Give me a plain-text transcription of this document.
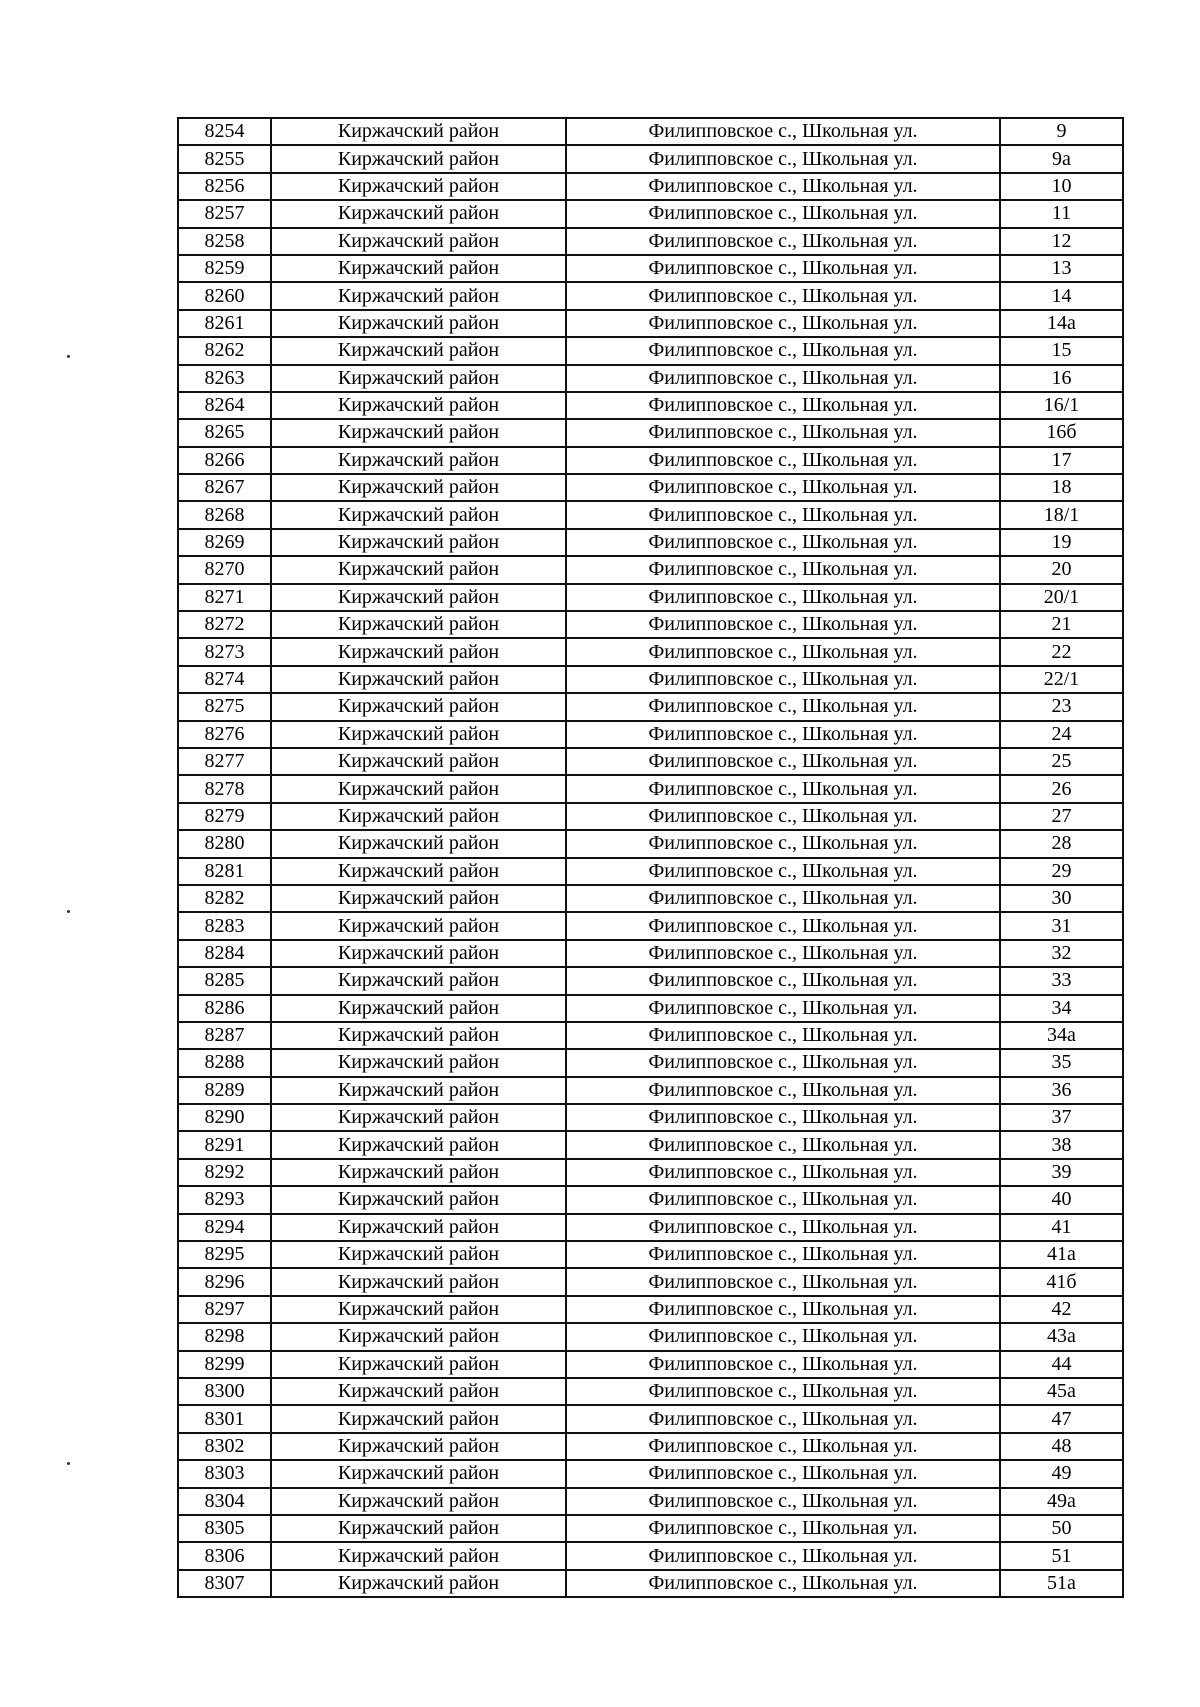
8254	Киржачский район	Филипповское с., Школьная ул.	9
8255	Киржачский район	Филипповское с., Школьная ул.	9а
8256	Киржачский район	Филипповское с., Школьная ул.	10
8257	Киржачский район	Филипповское с., Школьная ул.	11
8258	Киржачский район	Филипповское с., Школьная ул.	12
8259	Киржачский район	Филипповское с., Школьная ул.	13
8260	Киржачский район	Филипповское с., Школьная ул.	14
8261	Киржачский район	Филипповское с., Школьная ул.	14а
8262	Киржачский район	Филипповское с., Школьная ул.	15
8263	Киржачский район	Филипповское с., Школьная ул.	16
8264	Киржачский район	Филипповское с., Школьная ул.	16/1
8265	Киржачский район	Филипповское с., Школьная ул.	16б
8266	Киржачский район	Филипповское с., Школьная ул.	17
8267	Киржачский район	Филипповское с., Школьная ул.	18
8268	Киржачский район	Филипповское с., Школьная ул.	18/1
8269	Киржачский район	Филипповское с., Школьная ул.	19
8270	Киржачский район	Филипповское с., Школьная ул.	20
8271	Киржачский район	Филипповское с., Школьная ул.	20/1
8272	Киржачский район	Филипповское с., Школьная ул.	21
8273	Киржачский район	Филипповское с., Школьная ул.	22
8274	Киржачский район	Филипповское с., Школьная ул.	22/1
8275	Киржачский район	Филипповское с., Школьная ул.	23
8276	Киржачский район	Филипповское с., Школьная ул.	24
8277	Киржачский район	Филипповское с., Школьная ул.	25
8278	Киржачский район	Филипповское с., Школьная ул.	26
8279	Киржачский район	Филипповское с., Школьная ул.	27
8280	Киржачский район	Филипповское с., Школьная ул.	28
8281	Киржачский район	Филипповское с., Школьная ул.	29
8282	Киржачский район	Филипповское с., Школьная ул.	30
8283	Киржачский район	Филипповское с., Школьная ул.	31
8284	Киржачский район	Филипповское с., Школьная ул.	32
8285	Киржачский район	Филипповское с., Школьная ул.	33
8286	Киржачский район	Филипповское с., Школьная ул.	34
8287	Киржачский район	Филипповское с., Школьная ул.	34а
8288	Киржачский район	Филипповское с., Школьная ул.	35
8289	Киржачский район	Филипповское с., Школьная ул.	36
8290	Киржачский район	Филипповское с., Школьная ул.	37
8291	Киржачский район	Филипповское с., Школьная ул.	38
8292	Киржачский район	Филипповское с., Школьная ул.	39
8293	Киржачский район	Филипповское с., Школьная ул.	40
8294	Киржачский район	Филипповское с., Школьная ул.	41
8295	Киржачский район	Филипповское с., Школьная ул.	41а
8296	Киржачский район	Филипповское с., Школьная ул.	41б
8297	Киржачский район	Филипповское с., Школьная ул.	42
8298	Киржачский район	Филипповское с., Школьная ул.	43а
8299	Киржачский район	Филипповское с., Школьная ул.	44
8300	Киржачский район	Филипповское с., Школьная ул.	45а
8301	Киржачский район	Филипповское с., Школьная ул.	47
8302	Киржачский район	Филипповское с., Школьная ул.	48
8303	Киржачский район	Филипповское с., Школьная ул.	49
8304	Киржачский район	Филипповское с., Школьная ул.	49а
8305	Киржачский район	Филипповское с., Школьная ул.	50
8306	Киржачский район	Филипповское с., Школьная ул.	51
8307	Киржачский район	Филипповское с., Школьная ул.	51а
